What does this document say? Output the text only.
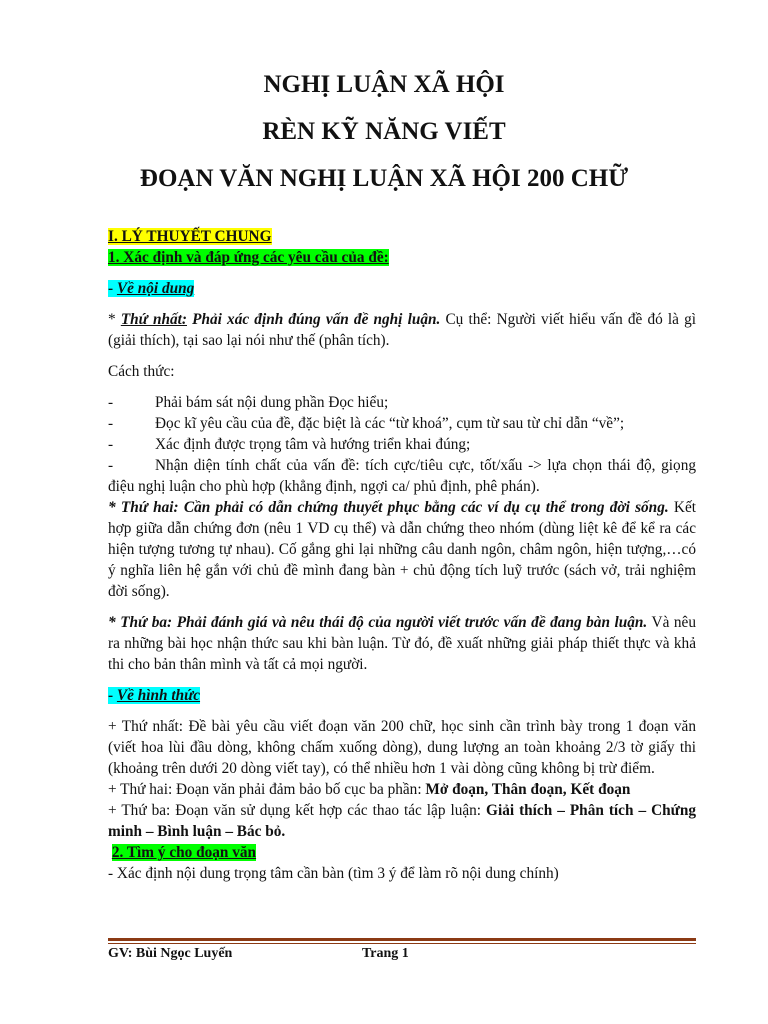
NGHỊ LUẬN XÃ HỘI
RÈN KỸ NĂNG VIẾT
ĐOẠN VĂN NGHỊ LUẬN XÃ HỘI 200 CHỮ

I. LÝ THUYẾT CHUNG

1. Xác định và đáp ứng các yêu cầu của đề:

- Về nội dung

* Thứ nhất: Phải xác định đúng vấn đề nghị luận. Cụ thể: Người viết hiểu vấn đề đó là gì (giải thích), tại sao lại nói như thế (phân tích).

Cách thức:

-	Phải bám sát nội dung phần Đọc hiểu;
-	Đọc kĩ yêu cầu của đề, đặc biệt là các “từ khoá”, cụm từ sau từ chỉ dẫn “về”;
-	Xác định được trọng tâm và hướng triển khai đúng;
-	Nhận diện tính chất của vấn đề: tích cực/tiêu cực, tốt/xấu -> lựa chọn thái độ, giọng điệu nghị luận cho phù hợp (khẳng định, ngợi ca/ phủ định, phê phán).

* Thứ hai: Cần phải có dẫn chứng thuyết phục bằng các ví dụ cụ thể trong đời sống. Kết hợp giữa dẫn chứng đơn (nêu 1 VD cụ thể) và dẫn chứng theo nhóm (dùng liệt kê để kể ra các hiện tượng tương tự nhau). Cố gắng ghi lại những câu danh ngôn, châm ngôn, hiện tượng,…có ý nghĩa liên hệ gắn với chủ đề mình đang bàn + chủ động tích luỹ trước (sách vở, trải nghiệm đời sống).

* Thứ ba: Phải đánh giá và nêu thái độ của người viết trước vấn đề đang bàn luận. Và nêu ra những bài học nhận thức sau khi bàn luận. Từ đó, đề xuất những giải pháp thiết thực và khả thi cho bản thân mình và tất cả mọi người.

- Về hình thức

+ Thứ nhất: Đề bài yêu cầu viết đoạn văn 200 chữ, học sinh cần trình bày trong 1 đoạn văn (viết hoa lùi đầu dòng, không chấm xuống dòng), dung lượng an toàn khoảng 2/3 tờ giấy thi (khoảng trên dưới 20 dòng viết tay), có thể nhiều hơn 1 vài dòng cũng không bị trừ điểm.

+ Thứ hai: Đoạn văn phải đảm bảo bố cục ba phần: Mở đoạn, Thân đoạn, Kết đoạn

+ Thứ ba: Đoạn văn sử dụng kết hợp các thao tác lập luận: Giải thích – Phân tích – Chứng minh – Bình luận – Bác bỏ.

2. Tìm ý cho đoạn văn

- Xác định nội dung trọng tâm cần bàn (tìm 3 ý để làm rõ nội dung chính)

GV: Bùi Ngọc Luyến	Trang 1
